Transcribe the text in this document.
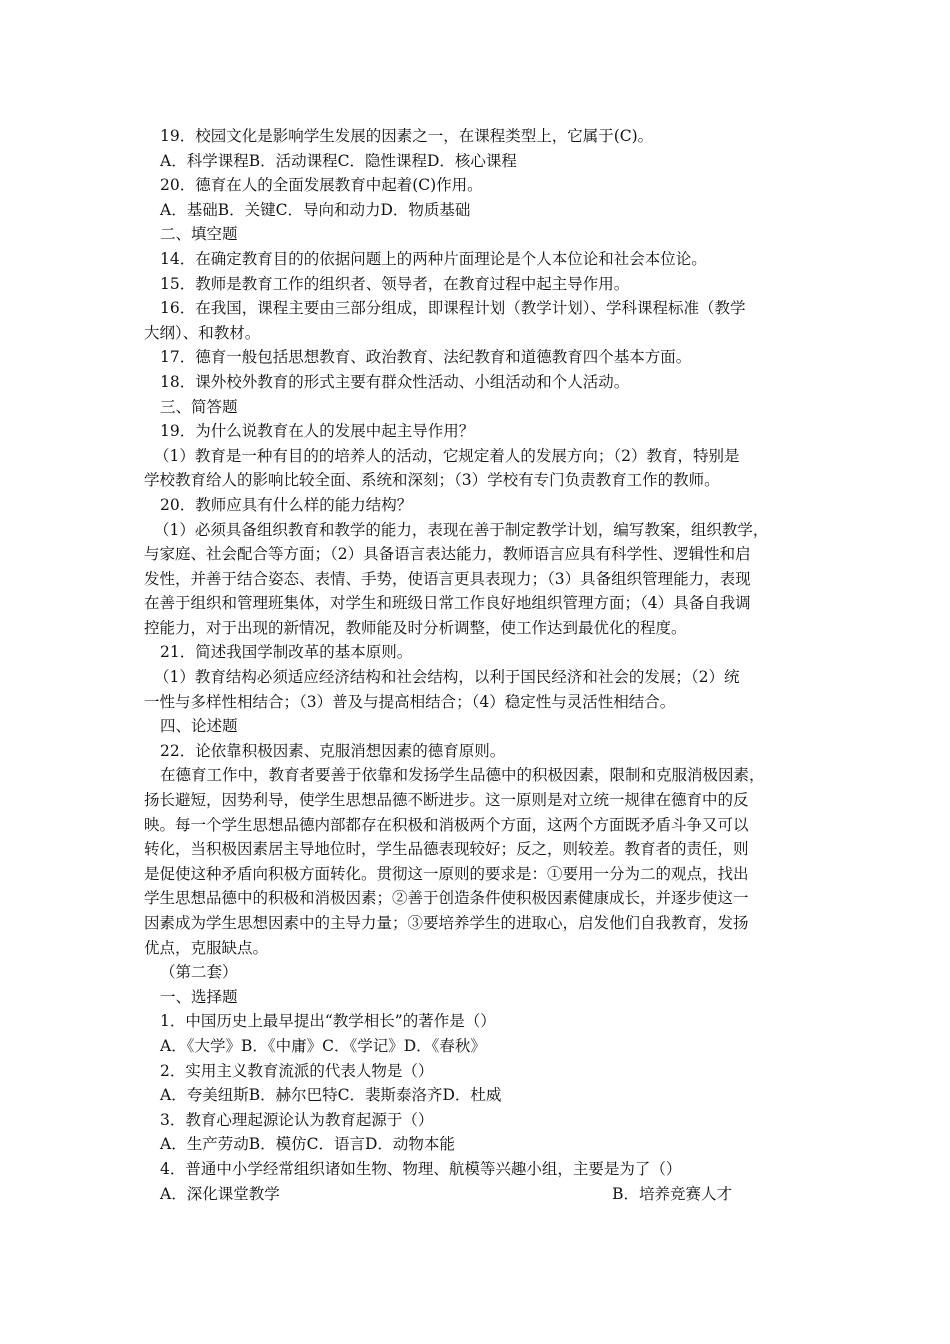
19．校园文化是影响学生发展的因素之一，在课程类型上，它属于(C)。
A．科学课程B．活动课程C．隐性课程D．核心课程
20．德育在人的全面发展教育中起着(C)作用。
A．基础B．关键C．导向和动力D．物质基础
二、填空题
14．在确定教育目的的依据问题上的两种片面理论是个人本位论和社会本位论。
15．教师是教育工作的组织者、领导者，在教育过程中起主导作用。
16．在我国，课程主要由三部分组成，即课程计划（教学计划）、学科课程标准（教学
大纲）、和教材。
17．德育一般包括思想教育、政治教育、法纪教育和道德教育四个基本方面。
18．课外校外教育的形式主要有群众性活动、小组活动和个人活动。
三、简答题
19．为什么说教育在人的发展中起主导作用？
（1）教育是一种有目的的培养人的活动，它规定着人的发展方向；（2）教育，特别是
学校教育给人的影响比较全面、系统和深刻；（3）学校有专门负责教育工作的教师。
20．教师应具有什么样的能力结构？
（1）必须具备组织教育和教学的能力，表现在善于制定教学计划，编写教案，组织教学，
与家庭、社会配合等方面；（2）具备语言表达能力，教师语言应具有科学性、逻辑性和启
发性，并善于结合姿态、表情、手势，使语言更具表现力；（3）具备组织管理能力，表现
在善于组织和管理班集体，对学生和班级日常工作良好地组织管理方面；（4）具备自我调
控能力，对于出现的新情况，教师能及时分析调整，使工作达到最优化的程度。
21．简述我国学制改革的基本原则。
（1）教育结构必须适应经济结构和社会结构，以利于国民经济和社会的发展；（2）统
一性与多样性相结合；（3）普及与提高相结合；（4）稳定性与灵活性相结合。
四、论述题
22．论依靠积极因素、克服消想因素的德育原则。
在德育工作中，教育者要善于依靠和发扬学生品德中的积极因素，限制和克服消极因素，
扬长避短，因势利导，使学生思想品德不断进步。这一原则是对立统一规律在德育中的反
映。每一个学生思想品德内部都存在积极和消极两个方面，这两个方面既矛盾斗争又可以
转化，当积极因素居主导地位时，学生品德表现较好；反之，则较差。教育者的责任，则
是促使这种矛盾向积极方面转化。贯彻这一原则的要求是：①要用一分为二的观点，找出
学生思想品德中的积极和消极因素；②善于创造条件使积极因素健康成长，并逐步使这一
因素成为学生思想因素中的主导力量；③要培养学生的进取心，启发他们自我教育，发扬
优点，克服缺点。
（第二套）
一、选择题
1．中国历史上最早提出“教学相长”的著作是（）
A．《大学》B．《中庸》C．《学记》D．《春秋》
2．实用主义教育流派的代表人物是（）
A．夸美纽斯B．赫尔巴特C．裴斯泰洛齐D．杜威
3．教育心理起源论认为教育起源于（）
A．生产劳动B．模仿C．语言D．动物本能
4．普通中小学经常组织诸如生物、物理、航模等兴趣小组，主要是为了（）
A．深化课堂教学	B．培养竞赛人才
